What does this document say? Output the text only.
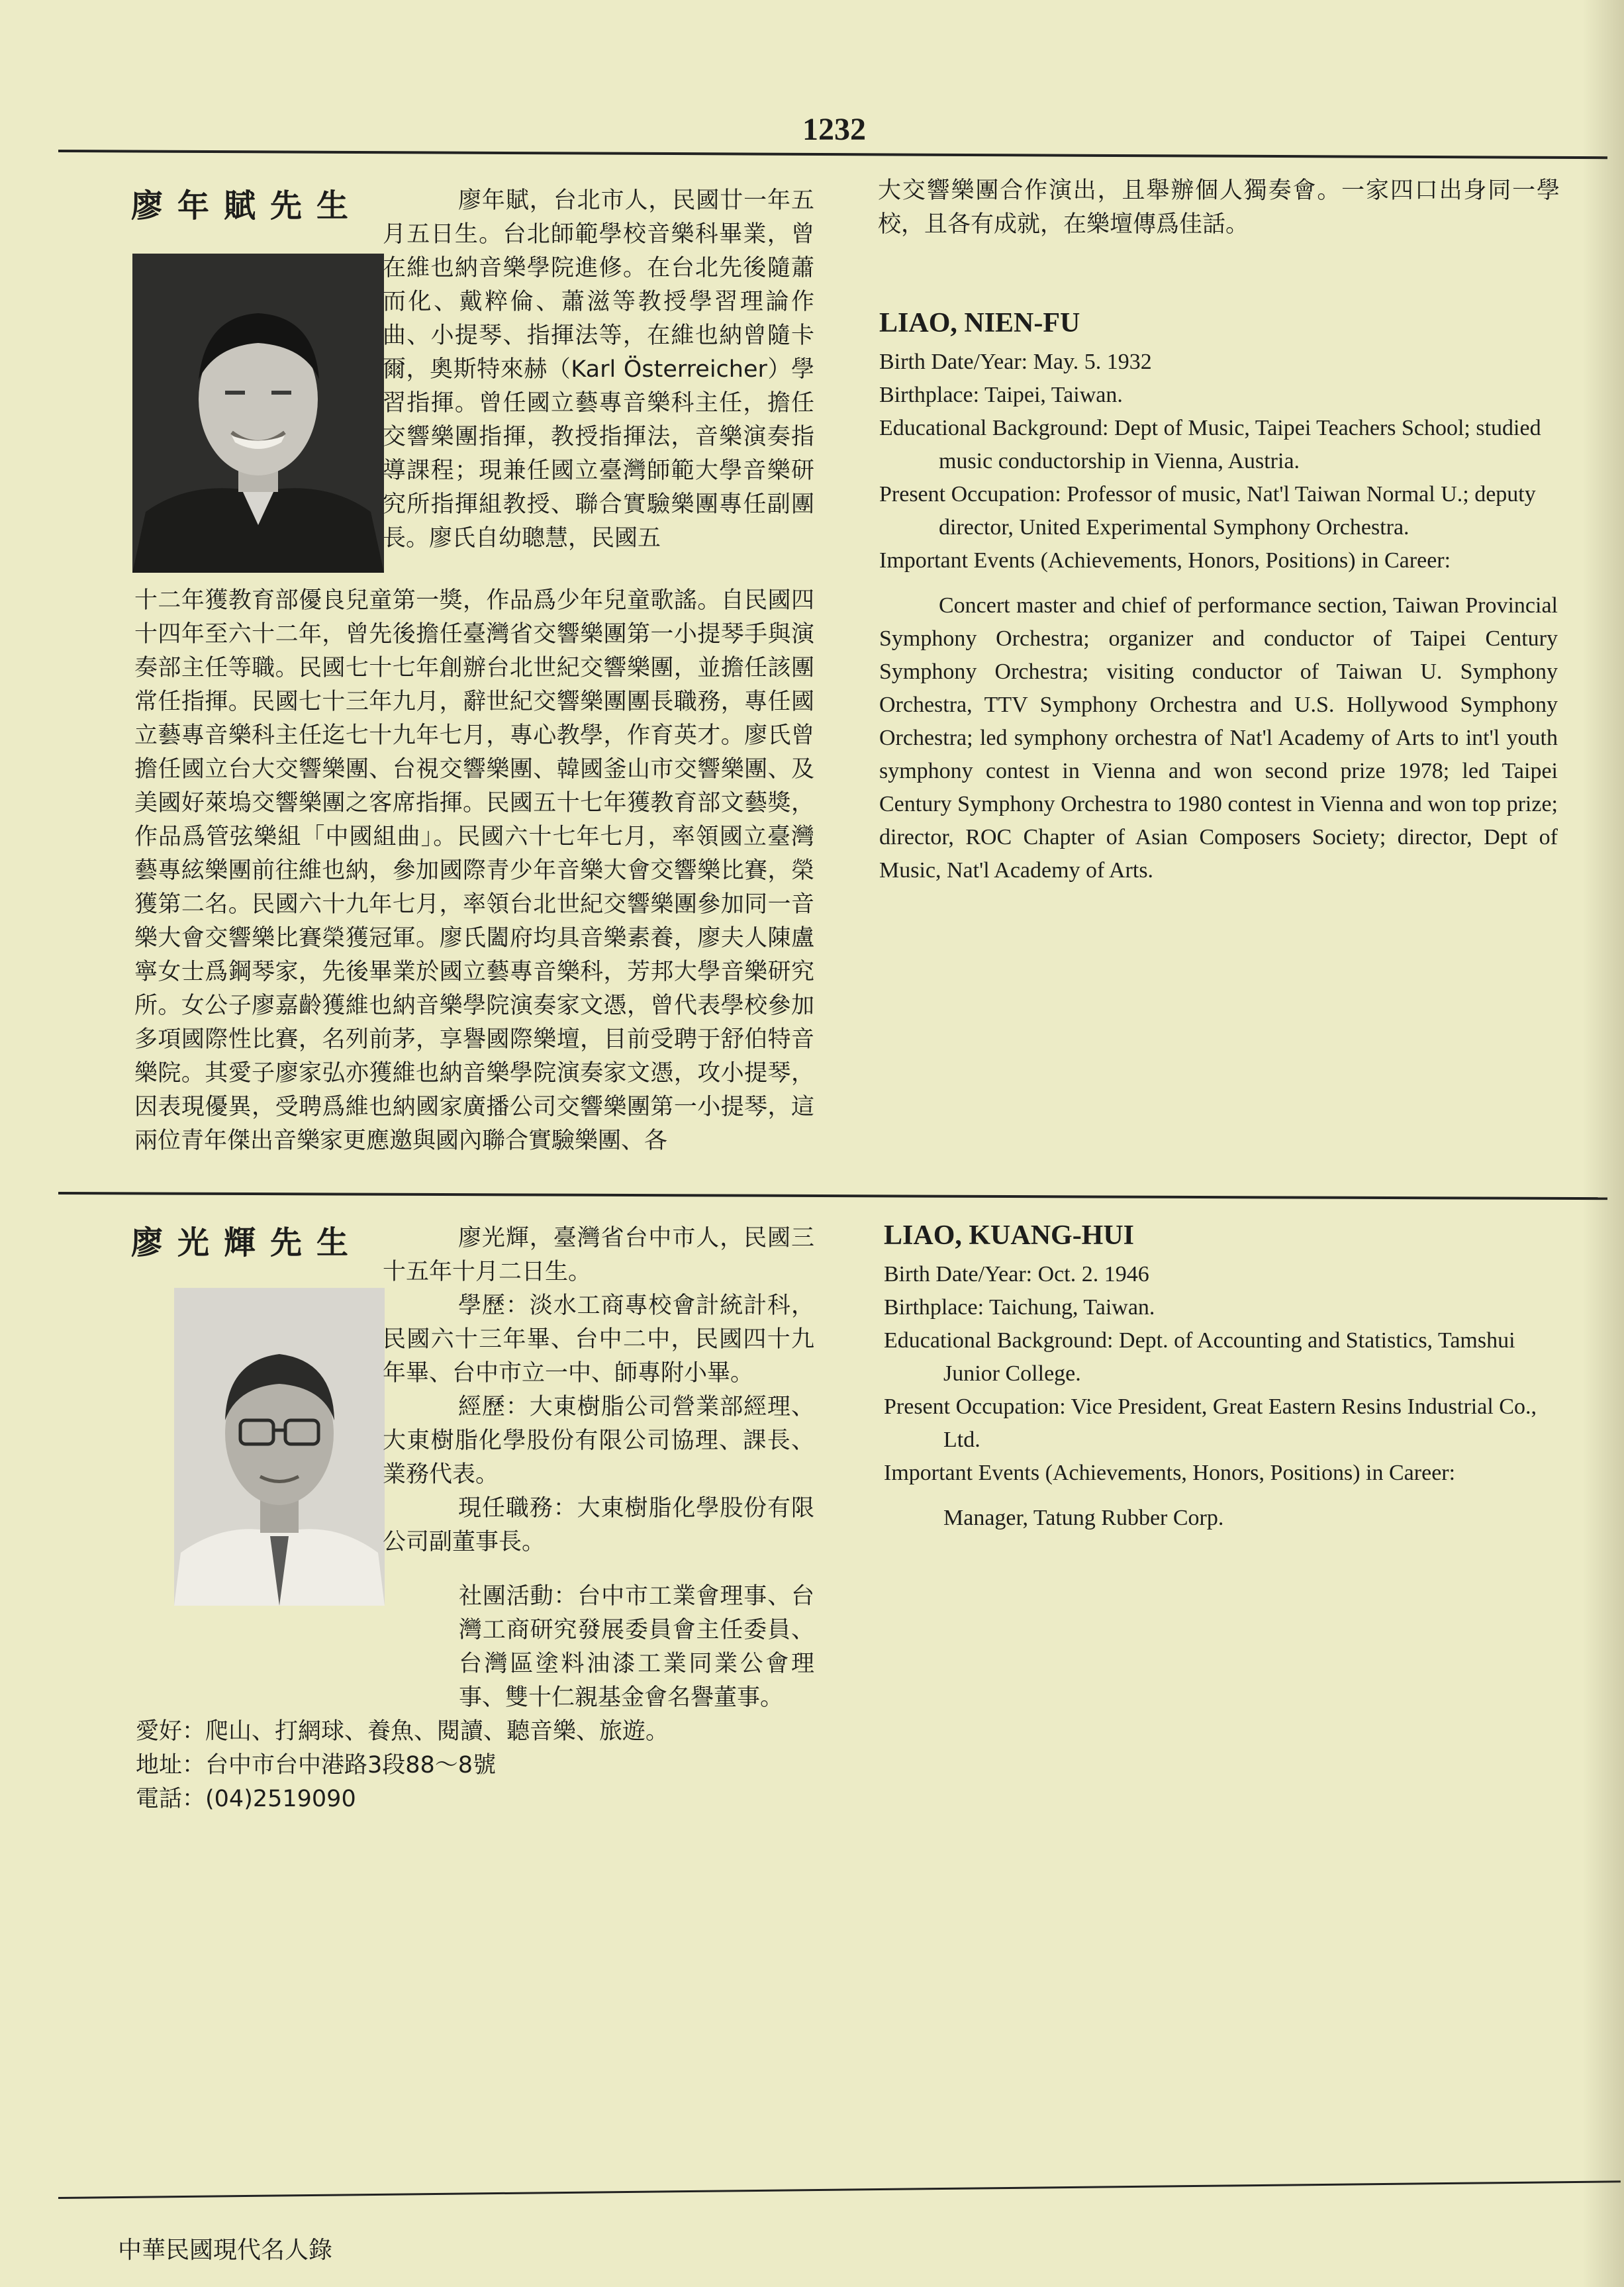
1232
廖年賦先生	廖年賦，台北市人，民國廿一年五月五日生。台北師範學校音樂科畢業，曾在維也納音樂學院進修。在台北先後隨蕭而化、戴粹倫、蕭滋等教授學習理論作曲、小提琴、指揮法等，在維也納曾隨卡爾，奧斯特來赫（Karl Österreicher）學習指揮。曾任國立藝專音樂科主任，擔任交響樂團指揮，教授指揮法，音樂演奏指導課程；現兼任國立臺灣師範大學音樂研究所指揮組教授、聯合實驗樂團專任副團長。廖氏自幼聰慧，民國五

十二年獲教育部優良兒童第一獎，作品爲少年兒童歌謠。自民國四十四年至六十二年，曾先後擔任臺灣省交響樂團第一小提琴手與演奏部主任等職。民國七十七年創辦台北世紀交響樂團，並擔任該團常任指揮。民國七十三年九月，辭世紀交響樂團團長職務，專任國立藝專音樂科主任迄七十九年七月，專心教學，作育英才。廖氏曾擔任國立台大交響樂團、台視交響樂團、韓國釜山市交響樂團、及美國好萊塢交響樂團之客席指揮。民國五十七年獲教育部文藝獎，作品爲管弦樂組「中國組曲」。民國六十七年七月，率領國立臺灣藝專絃樂團前往維也納，參加國際青少年音樂大會交響樂比賽，榮獲第二名。民國六十九年七月，率領台北世紀交響樂團參加同一音樂大會交響樂比賽榮獲冠軍。廖氏闔府均具音樂素養，廖夫人陳盧寧女士爲鋼琴家，先後畢業於國立藝專音樂科，芳邦大學音樂研究所。女公子廖嘉齡獲維也納音樂學院演奏家文憑，曾代表學校參加多項國際性比賽，名列前茅，享譽國際樂壇，目前受聘于舒伯特音樂院。其愛子廖家弘亦獲維也納音樂學院演奏家文憑，攻小提琴，因表現優異，受聘爲維也納國家廣播公司交響樂團第一小提琴，這兩位青年傑出音樂家更應邀與國內聯合實驗樂團、各

大交響樂團合作演出，且舉辦個人獨奏會。一家四口出身同一學校，且各有成就，在樂壇傳爲佳話。

LIAO, NIEN-FU
Birth Date/Year: May. 5. 1932
Birthplace: Taipei, Taiwan.
Educational Background: Dept of Music, Taipei Teachers School; studied music conductorship in Vienna, Austria.
Present Occupation: Professor of music, Nat'l Taiwan Normal U.; deputy director, United Experimental Symphony Orchestra.
Important Events (Achievements, Honors, Positions) in Career:
Concert master and chief of performance section, Taiwan Provincial Symphony Orchestra; organizer and conductor of Taipei Century Symphony Orchestra; visiting conductor of Taiwan U. Symphony Orchestra, TTV Symphony Orchestra and U.S. Hollywood Symphony Orchestra; led symphony orchestra of Nat'l Academy of Arts to int'l youth symphony contest in Vienna and won second prize 1978; led Taipei Century Symphony Orchestra to 1980 contest in Vienna and won top prize; director, ROC Chapter of Asian Composers Society; director, Dept of Music, Nat'l Academy of Arts.
廖光輝先生	廖光輝，臺灣省台中市人，民國三十五年十月二日生。

學歷：淡水工商專校會計統計科，民國六十三年畢、台中二中，民國四十九年畢、台中市立一中、師專附小畢。

經歷：大東樹脂公司營業部經理、大東樹脂化學股份有限公司協理、課長、業務代表。

現任職務：大東樹脂化學股份有限公司副董事長。

社團活動：台中市工業會理事、台灣工商研究發展委員會主任委員、台灣區塗料油漆工業同業公會理事、雙十仁親基金會名譽董事。

愛好：爬山、打網球、養魚、閱讀、聽音樂、旅遊。

地址：台中市台中港路3段88～8號

電話：(04)2519090

LIAO, KUANG-HUI
Birth Date/Year: Oct. 2. 1946
Birthplace: Taichung, Taiwan.
Educational Background: Dept. of Accounting and Statistics, Tamshui Junior College.
Present Occupation: Vice President, Great Eastern Resins Industrial Co., Ltd.
Important Events (Achievements, Honors, Positions) in Career:
Manager, Tatung Rubber Corp.
中華民國現代名人錄
